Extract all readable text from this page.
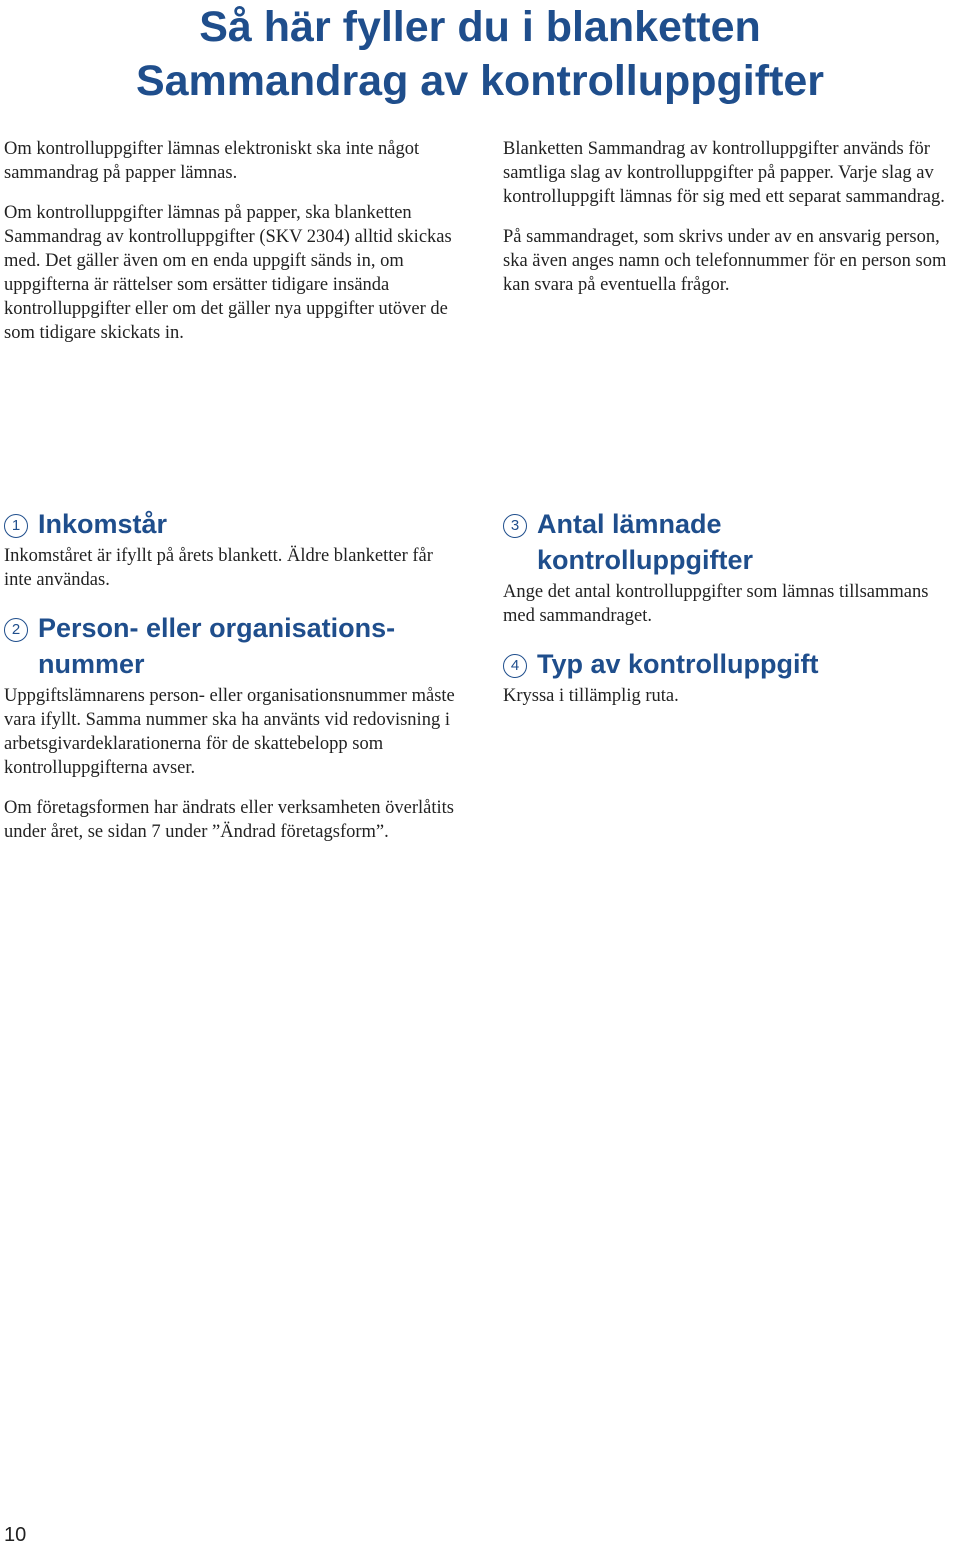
Så här fyller du i blanketten
Sammandrag av kontrolluppgifter

Om kontrolluppgifter lämnas elektroniskt ska inte något sammandrag på papper lämnas.

Om kontrolluppgifter lämnas på papper, ska blanketten Sammandrag av kontrolluppgifter (SKV 2304) alltid skickas med. Det gäller även om en enda uppgift sänds in, om uppgifterna är rättelser som ersätter tidigare insända kontrolluppgifter eller om det gäller nya uppgifter utöver de som tidigare skickats in.

Blanketten Sammandrag av kontrolluppgifter används för samtliga slag av kontrolluppgifter på papper. Varje slag av kontrolluppgift lämnas för sig med ett separat sammandrag.

På sammandraget, som skrivs under av en ansvarig person, ska även anges namn och telefonnummer för en person som kan svara på eventuella frågor.

1 Inkomstår

Inkomståret är ifyllt på årets blankett. Äldre blanketter får inte användas.

2 Person- eller organisations-
nummer

Uppgiftslämnarens person- eller organisationsnummer måste vara ifyllt. Samma nummer ska ha använts vid redovisning i arbetsgivardeklarationerna för de skattebelopp som kontrolluppgifterna avser.

Om företagsformen har ändrats eller verksamheten överlåtits under året, se sidan 7 under ”Ändrad företagsform”.

3 Antal lämnade
kontrolluppgifter

Ange det antal kontrolluppgifter som lämnas tillsammans med sammandraget.

4 Typ av kontrolluppgift

Kryssa i tillämplig ruta.

10
